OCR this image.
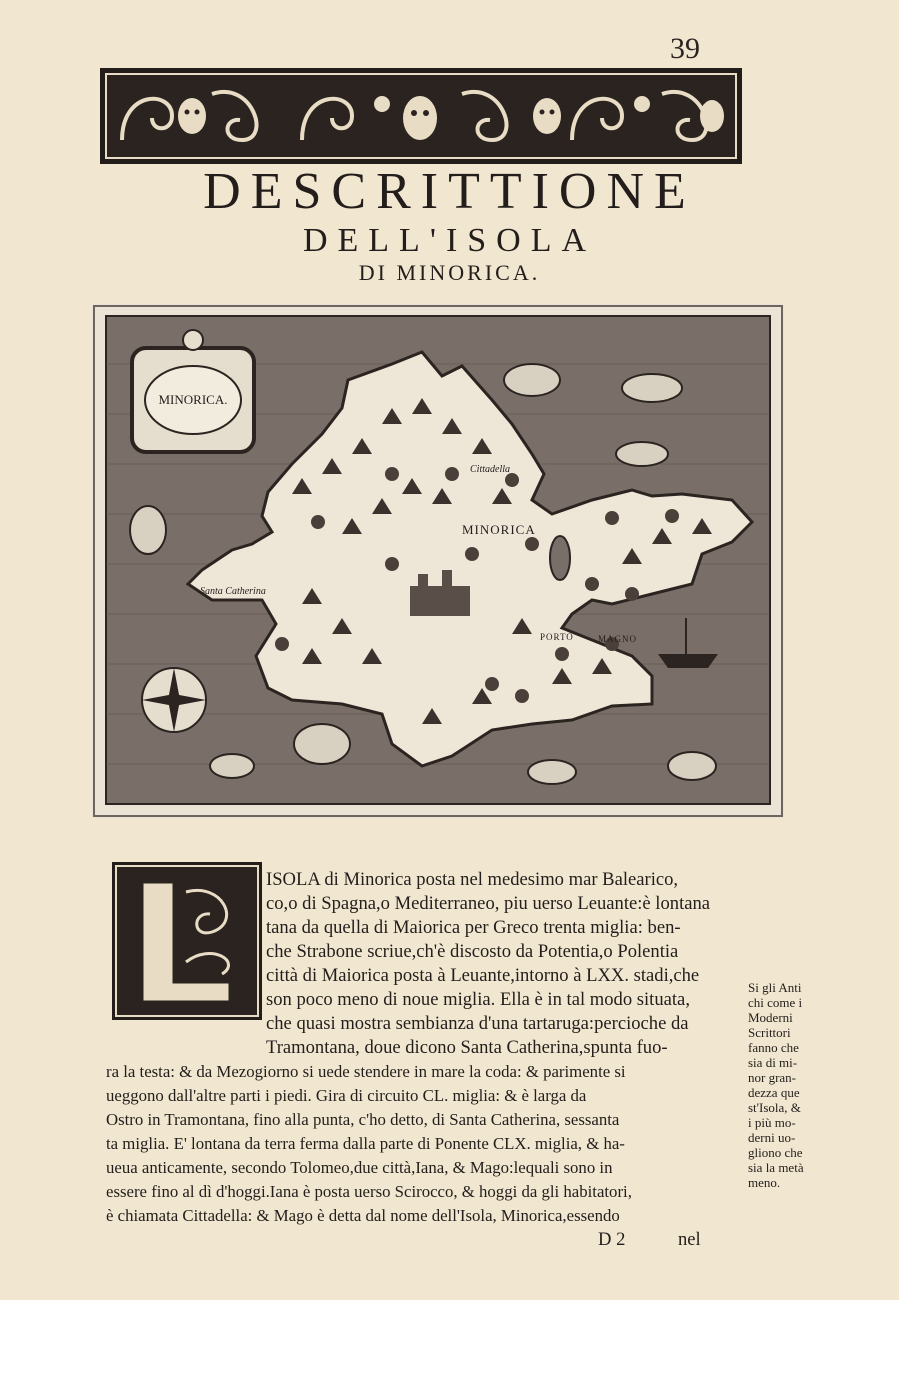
39
DESCRITTIONE
DELL'ISOLA
DI MINORICA.
MINORICA.
MINORICA
Cittadella
Santa Catherina
PORTO	MAGNO
ISOLA di Minorica posta nel medesimo mar Balearico,
co,o di Spagna,o Mediterraneo, piu uerso Leuante:è lontana
tana da quella di Maiorica per Greco trenta miglia: ben-
che Strabone scriue,ch'è discosto da Potentia,o Polentia
città di Maiorica posta à Leuante,intorno à LXX. stadi,che
son poco meno di noue miglia. Ella è in tal modo situata,
che quasi mostra sembianza d'una tartaruga:percioche da
Tramontana, doue dicono Santa Catherina,spunta fuo-
ra la testa: & da Mezogiorno si uede stendere in mare la coda: & parimente si
ueggono dall'altre parti i piedi. Gira di circuito CL. miglia: & è larga da
Ostro in Tramontana, fino alla punta, c'ho detto, di Santa Catherina, sessanta
ta miglia. E' lontana da terra ferma dalla parte di Ponente CLX. miglia, & ha-
ueua anticamente, secondo Tolomeo,due città,Iana, & Mago:lequali sono in
essere fino al dì d'hoggi.Iana è posta uerso Scirocco, & hoggi da gli habitatori,
è chiamata Cittadella: & Mago è detta dal nome dell'Isola, Minorica,essendo
D 2	nel
Si gli Anti
chi come i
Moderni
Scrittori
fanno che
sia di mi-
nor gran-
dezza que
st'Isola, &
i più mo-
derni uo-
gliono che
sia la metà
meno.
